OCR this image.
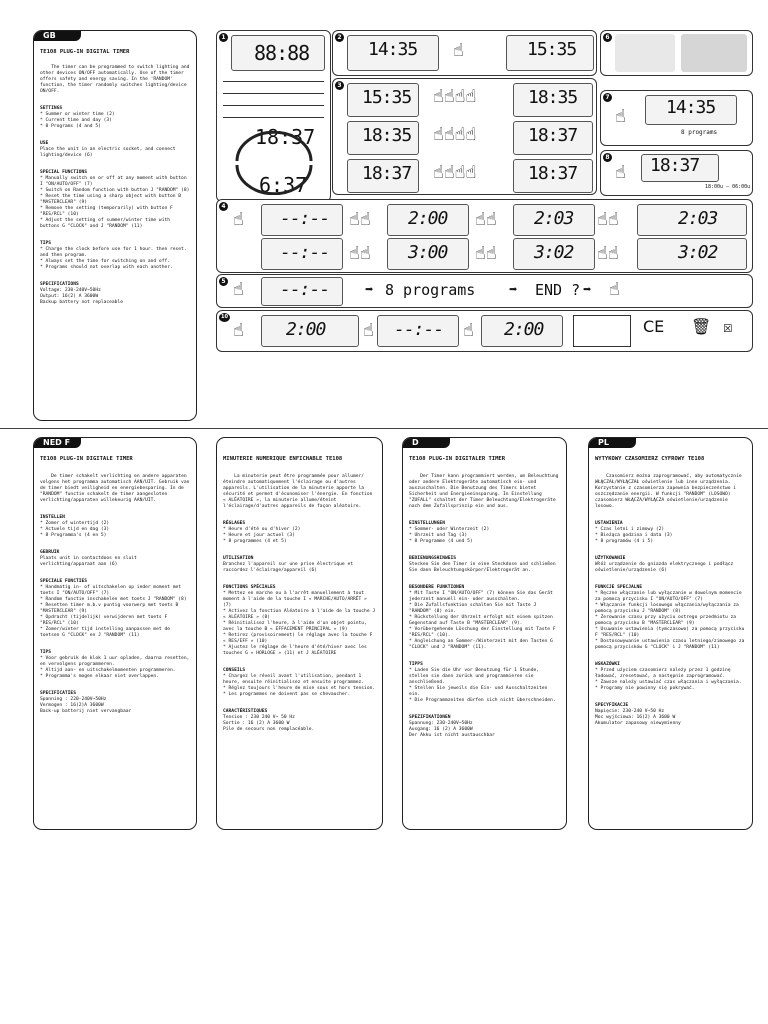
GB
TE108 PLUG-IN DIGITAL TIMER

The timer can be programmed to switch lighting and other devices ON/OFF automatically. Use of the timer offers safety and energy saving. In the 'RANDOM' function, the timer randomly switches lighting/device ON/OFF.

SETTINGS
* Summer or winter time (2)
* Current time and day (3)
* 8 Programs (4 and 5)

USE
Place the unit in an electric socket, and connect lighting/device (6)

SPECIAL FUNCTIONS
* Manually switch on or off at any moment with button I "ON/AUTO/OFF" (7)
* Switch on Random function with button J "RANDOM" (8)
* Reset the time using a sharp object with button B "MASTERCLEAR" (9)
* Remove the setting (temporarily) with button F "RES/RCL" (10)
* Adjust the setting of summer/winter time with buttons G "CLOCK" and J "RANDOM" (11)

TIPS
* Charge the clock before use for 1 hour. then reset. and then program.
* Always set the time for switching on and off.
* Programs should not overlap with each another.

SPECIFICATIONS
Voltage: 230-240V~50Hz
Output: 16(2) A 3600W
Backup battery not replaceable

1
88:88
18:37
6:37
2
14:35 ☝	15:35
6
3
15:35 ☝☝☝☝	18:35
18:35 ☝☝☝☝	18:37
18:37 ☝☝☝☝	18:37
7
☝ 14:35
8 programs
8
☝ 18:37
18:00u – 06:00u
4
☝ --:-- ☝☝ 2:00 ☝☝ 2:03 ☝☝	2:03
--:-- ☝☝ 3:00 ☝☝ 3:02 ☝☝	3:02
5 ☝ --:--	➡ 8 programs ➡ END ? ➡ ☝
10
☝ 2:00 ☝ --:-- ☝ 2:00	CE 🗑 ☒
NED F
TE108 PLUG-IN DIGITALE TIMER

De timer schakelt verlichting en andere apparaten volgens het programma automatisch AAN/UIT. Gebruik van de timer biedt veiligheid en energiebesparing. In de "RANDOM" functie schakelt de timer aangesloten verlichting/apparaten willekeurig AAN/UIT.

INSTELLEN
* Zomer of wintertijd (2)
* Actuele tijd en dag (3)
* 8 Programma's (4 en 5)

GEBRUIK
Plaats unit in contactdoos en sluit verlichting/apparaat aan (6)

SPECIALE FUNCTIES
* Handmatig in- of uitschakelen op ieder moment met toets I "ON/AUTO/OFF" (7)
* Random functie inschakelen met toets J "RANDOM" (8)
* Resetten timer m.b.v puntig voorwerp met toets B "MASTERCLEAR" (9)
* Opdracht (tijdelijk) verwijderen met toets F "RES/RCL" (10)
* Zomer/winter tijd instelling aanpassen met de toetsen G "CLOCK" en J "RANDOM" (11)

TIPS
* Voor gebruik de klok 1 uur opladen, daarna resetten, en vervolgens programmeren.
* Altijd aan- en uitschakelmomenten programmeren.
* Programma's mogen elkaar niet overlappen.

SPECIFICATIES
Spanning : 220-240V~50Hz
Vermogen : 16(2)A 3600W
Back-up batterij niet vervangbaar

MINUTERIE NUMERIQUE ENFICHABLE TE108

La minuterie peut être programmée pour allumer/éteindre automatiquement l'éclairage ou d'autres appareils. L'utilisation de la minuterie apporte la sécurité et permet d'économiser l'énergie. En fonction « ALÉATOIRE », la minuterie allume/éteint l'éclairage/d'autres appareils de façon aléatoire.

RÉGLAGES
* Heure d'été ou d'hiver (2)
* Heure et jour actuel (3)
* 8 programmes (4 et 5)

UTILISATION
Branchez l'appareil sur une prise électrique et raccordez l'éclairage/appareil (6)

FONCTIONS SPÉCIALES
* Mettez en marche ou à l'arrêt manuellement à tout moment à l'aide de la touche I « MARCHE/AUTO/ARRÊT » (7)
* Activez la fonction Aléatoire à l'aide de la touche J « ALÉATOIRE » (8)
* Réinitialisez l'heure, à l'aide d'un objet pointu, avec la touche B « EFFACEMENT PRINCIPAL » (9)
* Retirez (provisoirement) le réglage avec la touche F « RES/EFF » (10)
* Ajustez le réglage de l'heure d'été/hiver avec les touches G « HORLOGE » (11) et J ALÉATOIRE

CONSEILS
* Chargez le réveil avant l'utilisation, pendant 1 heure, ensuite réinitialisez et ensuite programmez.
* Réglez toujours l'heure de mise sous et hors tension.
* Les programmes ne doivent pas se chevaucher.

CARACTÉRISTIQUES
Tension : 230 240 V~ 50 Hz
Sortie : 16 (2) A 3600 W
Pile de secours non remplacéable.

D
TE108 PLUG-IN DIGITALER TIMER

Der Timer kann programmiert werden, um Beleuchtung oder andere Elektrogeräte automatisch ein- und auszuschalten. Die Benutzung des Timers bietet Sicherheit und Energieeinsparung. In Einstellung "ZUFALL" schaltet der Timer Beleuchtung/Elektrogeräte nach dem Zufallsprinzip ein und aus.

EINSTELLUNGEN
* Sommer- oder Winterzeit (2)
* Uhrzeit und Tag (3)
* 8 Programme (4 und 5)

BEDIENUNGSHINWEIS
Stecken Sie den Timer in eine Steckdose und schließen Sie dann Beleuchtungskörper/Elektrogerät an.

BESONDERE FUNKTIONEN
* Mit Taste I "ON/AUTO/OFF" (7) können Sie das Gerät jederzeit manuell ein- oder ausschalten.
* Die Zufallsfunktion schalten Sie mit Taste J "RANDOM" (8) ein.
* Rückstellung der Uhrzeit erfolgt mit einem spitzen Gegenstand auf Taste B "MASTERCLEAR" (9).
* Vorübergehende Löschung der Einstellung mit Taste F "RES/RCL" (10).
* Angleichung an Sommer-/Winterzeit mit den Tasten G "CLOCK" und J "RANDOM" (11).

TIPPS
* Laden Sie die Uhr vor Benutzung für 1 Stunde, stellen sie dann zurück und programmieren sie anschließend.
* Stellen Sie jeweils die Ein- und Ausschaltzeiten ein.
* Die Programmzeiten dürfen sich nicht überschneiden.

SPEZIFIKATIONEN
Spannung: 230-240V~50Hz
Ausgang: 16 (2) A 3600W
Der Akku ist nicht austauschbar

PL
WYTYKOWY CZASOMIERZ CYFROWY TE108

Czasomierz można zaprogramować, aby automatycznie WŁĄCZAŁ/WYŁĄCZAŁ oświetlenie lub inne urządzenia. Korzystanie z czasomierza zapewnia bezpieczeństwo i oszczędzanie energii. W funkcji "RANDOM" (LOSOWO) czasomierz WŁĄCZA/WYŁĄCZA oświetlenie/urządzenie losowo.

USTAWIENIA
* Czas letni i zimowy (2)
* Bieżąca godzina i data (3)
* 8 programów (4 i 5)

UŻYTKOWANIE
Włóż urządzenie do gniazda elektrycznego i podłącz oświetlenie/urządzenie (6)

FUNKCJE SPECJALNE
* Ręczne włączanie lub wyłączanie w dowolnym momencie za pomocą przycisku I "ON/AUTO/OFF" (7)
* Włączanie funkcji losowego włączania/wyłączania za pomocą przycisku J "RANDOM" (8)
* Zerowanie czasu przy użyciu ostrego przedmiotu za pomocą przycisku B "MASTERCLEAR" (9)
* Usuwanie ustawienia (tymczasowo) za pomocą przycisku F "RES/RCL" (10)
* Dostosowywanie ustawienia czasu letniego/zimowego za pomocą przycisków G "CLOCK" i J "RANDOM" (11)

WSKAZÓWKI
* Przed użyciem czasomierz należy przez 1 godzinę ładować, zresetować, a następnie zaprogramować.
* Zawsze należy ustawiać czas włączania i wyłączania.
* Programy nie powinny się pokrywać.

SPECYFIKACJE
Napięcie: 230-240 V~50 Hz
Moc wyjściowa: 16(2) A 3600 W
Akumulator zapasowy niewymienny
